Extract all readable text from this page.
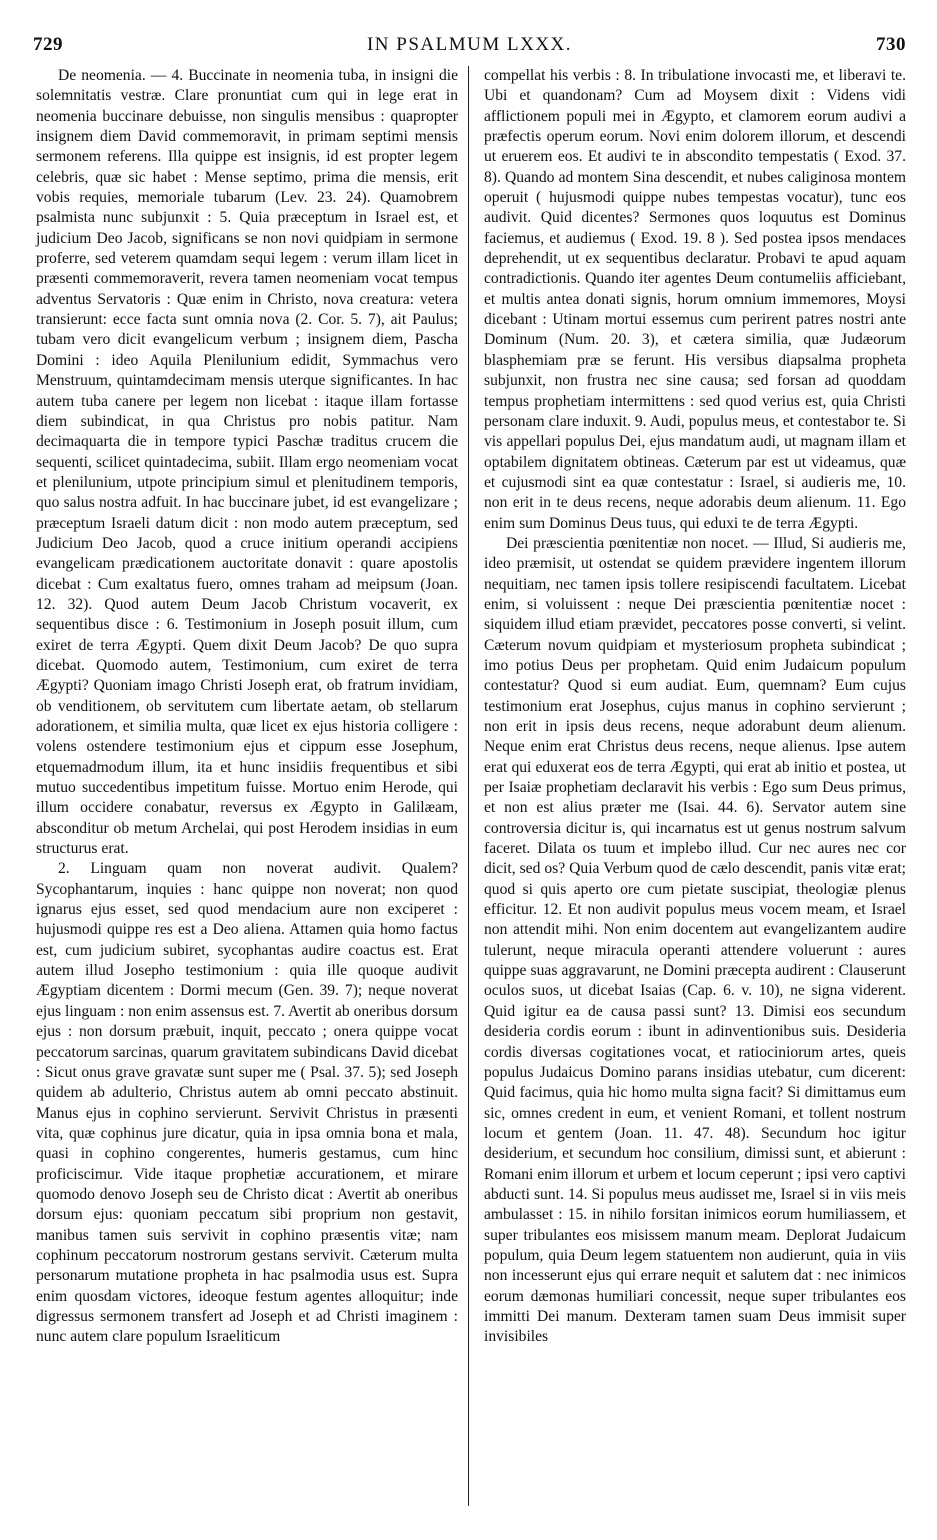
729	IN PSALMUM LXXX.	730

De neomenia. — 4. Buccinate in neomenia tuba, in insigni die solemnitatis vestræ. Clare pronuntiat cum qui in lege erat in neomenia buccinare debuisse, non singulis mensibus : quapropter insignem diem David commemoravit, in primam septimi mensis sermonem referens. Illa quippe est insignis, id est propter legem celebris, quæ sic habet : Mense septimo, prima die mensis, erit vobis requies, memoriale tubarum (Lev. 23. 24). Quamobrem psalmista nunc subjunxit : 5. Quia præceptum in Israel est, et judicium Deo Jacob, significans se non novi quidpiam in sermone proferre, sed veterem quamdam sequi legem : verum illam licet in præsenti commemoraverit, revera tamen neomeniam vocat tempus adventus Servatoris : Quæ enim in Christo, nova creatura: vetera transierunt: ecce facta sunt omnia nova (2. Cor. 5. 7), ait Paulus; tubam vero dicit evangelicum verbum ; insignem diem, Pascha Domini : ideo Aquila Plenilunium edidit, Symmachus vero Menstruum, quintamdecimam mensis uterque significantes. In hac autem tuba canere per legem non licebat : itaque illam fortasse diem subindicat, in qua Christus pro nobis patitur. Nam decimaquarta die in tempore typici Paschæ traditus crucem die sequenti, scilicet quintadecima, subiit. Illam ergo neomeniam vocat et plenilunium, utpote principium simul et plenitudinem temporis, quo salus nostra adfuit. In hac buccinare jubet, id est evangelizare ; præceptum Israeli datum dicit : non modo autem præceptum, sed Judicium Deo Jacob, quod a cruce initium operandi accipiens evangelicam prædicationem auctoritate donavit : quare apostolis dicebat : Cum exaltatus fuero, omnes traham ad meipsum (Joan. 12. 32). Quod autem Deum Jacob Christum vocaverit, ex sequentibus disce : 6. Testimonium in Joseph posuit illum, cum exiret de terra Ægypti. Quem dixit Deum Jacob? De quo supra dicebat. Quomodo autem, Testimonium, cum exiret de terra Ægypti? Quoniam imago Christi Joseph erat, ob fratrum invidiam, ob venditionem, ob servitutem cum libertate aetam, ob stellarum adorationem, et similia multa, quæ licet ex ejus historia colligere : volens ostendere testimonium ejus et cippum esse Josephum, etquemadmodum illum, ita et hunc insidiis frequentibus et sibi mutuo succedentibus impetitum fuisse. Mortuo enim Herode, qui illum occidere conabatur, reversus ex Ægypto in Galilæam, absconditur ob metum Archelai, qui post Herodem insidias in eum structurus erat.

2. Linguam quam non noverat audivit. Qualem? Sycophantarum, inquies : hanc quippe non noverat; non quod ignarus ejus esset, sed quod mendacium aure non exciperet : hujusmodi quippe res est a Deo aliena. Attamen quia homo factus est, cum judicium subiret, sycophantas audire coactus est. Erat autem illud Josepho testimonium : quia ille quoque audivit Ægyptiam dicentem : Dormi mecum (Gen. 39. 7); neque noverat ejus linguam : non enim assensus est. 7. Avertit ab oneribus dorsum ejus : non dorsum præbuit, inquit, peccato ; onera quippe vocat peccatorum sarcinas, quarum gravitatem subindicans David dicebat : Sicut onus grave gravatæ sunt super me ( Psal. 37. 5); sed Joseph quidem ab adulterio, Christus autem ab omni peccato abstinuit. Manus ejus in cophino servierunt. Servivit Christus in præsenti vita, quæ cophinus jure dicatur, quia in ipsa omnia bona et mala, quasi in cophino congerentes, humeris gestamus, cum hinc proficiscimur. Vide itaque prophetiæ accurationem, et mirare quomodo denovo Joseph seu de Christo dicat : Avertit ab oneribus dorsum ejus: quoniam peccatum sibi proprium non gestavit, manibus tamen suis servivit in cophino præsentis vitæ; nam cophinum peccatorum nostrorum gestans servivit. Cæterum multa personarum mutatione propheta in hac psalmodia usus est. Supra enim quosdam victores, ideoque festum agentes alloquitur; inde digressus sermonem transfert ad Joseph et ad Christi imaginem : nunc autem clare populum Israeliticum

compellat his verbis : 8. In tribulatione invocasti me, et liberavi te. Ubi et quandonam? Cum ad Moysem dixit : Videns vidi afflictionem populi mei in Ægypto, et clamorem eorum audivi a præfectis operum eorum. Novi enim dolorem illorum, et descendi ut eruerem eos. Et audivi te in abscondito tempestatis ( Exod. 37. 8). Quando ad montem Sina descendit, et nubes caliginosa montem operuit ( hujusmodi quippe nubes tempestas vocatur), tunc eos audivit. Quid dicentes? Sermones quos loquutus est Dominus faciemus, et audiemus ( Exod. 19. 8 ). Sed postea ipsos mendaces deprehendit, ut ex sequentibus declaratur. Probavi te apud aquam contradictionis. Quando iter agentes Deum contumeliis afficiebant, et multis antea donati signis, horum omnium immemores, Moysi dicebant : Utinam mortui essemus cum perirent patres nostri ante Dominum (Num. 20. 3), et cætera similia, quæ Judæorum blasphemiam præ se ferunt. His versibus diapsalma propheta subjunxit, non frustra nec sine causa; sed forsan ad quoddam tempus prophetiam intermittens : sed quod verius est, quia Christi personam clare induxit. 9. Audi, populus meus, et contestabor te. Si vis appellari populus Dei, ejus mandatum audi, ut magnam illam et optabilem dignitatem obtineas. Cæterum par est ut videamus, quæ et cujusmodi sint ea quæ contestatur : Israel, si audieris me, 10. non erit in te deus recens, neque adorabis deum alienum. 11. Ego enim sum Dominus Deus tuus, qui eduxi te de terra Ægypti.

Dei præscientia pœnitentiæ non nocet. — Illud, Si audieris me, ideo præmisit, ut ostendat se quidem prævidere ingentem illorum nequitiam, nec tamen ipsis tollere resipiscendi facultatem. Licebat enim, si voluissent : neque Dei præscientia pœnitentiæ nocet : siquidem illud etiam prævidet, peccatores posse converti, si velint. Cæterum novum quidpiam et mysteriosum propheta subindicat ; imo potius Deus per prophetam. Quid enim Judaicum populum contestatur? Quod si eum audiat. Eum, quemnam? Eum cujus testimonium erat Josephus, cujus manus in cophino servierunt ; non erit in ipsis deus recens, neque adorabunt deum alienum. Neque enim erat Christus deus recens, neque alienus. Ipse autem erat qui eduxerat eos de terra Ægypti, qui erat ab initio et postea, ut per Isaiæ prophetiam declaravit his verbis : Ego sum Deus primus, et non est alius præter me (Isai. 44. 6). Servator autem sine controversia dicitur is, qui incarnatus est ut genus nostrum salvum faceret. Dilata os tuum et implebo illud. Cur nec aures nec cor dicit, sed os? Quia Verbum quod de cælo descendit, panis vitæ erat; quod si quis aperto ore cum pietate suscipiat, theologiæ plenus efficitur. 12. Et non audivit populus meus vocem meam, et Israel non attendit mihi. Non enim docentem aut evangelizantem audire tulerunt, neque miracula operanti attendere voluerunt : aures quippe suas aggravarunt, ne Domini præcepta audirent : Clauserunt oculos suos, ut dicebat Isaias (Cap. 6. v. 10), ne signa viderent. Quid igitur ea de causa passi sunt? 13. Dimisi eos secundum desideria cordis eorum : ibunt in adinventionibus suis. Desideria cordis diversas cogitationes vocat, et ratiociniorum artes, queis populus Judaicus Domino parans insidias utebatur, cum dicerent: Quid facimus, quia hic homo multa signa facit? Si dimittamus eum sic, omnes credent in eum, et venient Romani, et tollent nostrum locum et gentem (Joan. 11. 47. 48). Secundum hoc igitur desiderium, et secundum hoc consilium, dimissi sunt, et abierunt : Romani enim illorum et urbem et locum ceperunt ; ipsi vero captivi abducti sunt. 14. Si populus meus audisset me, Israel si in viis meis ambulasset : 15. in nihilo forsitan inimicos eorum humiliassem, et super tribulantes eos misissem manum meam. Deplorat Judaicum populum, quia Deum legem statuentem non audierunt, quia in viis non incesserunt ejus qui errare nequit et salutem dat : nec inimicos eorum dæmonas humiliari concessit, neque super tribulantes eos immitti Dei manum. Dexteram tamen suam Deus immisit super invisibiles
